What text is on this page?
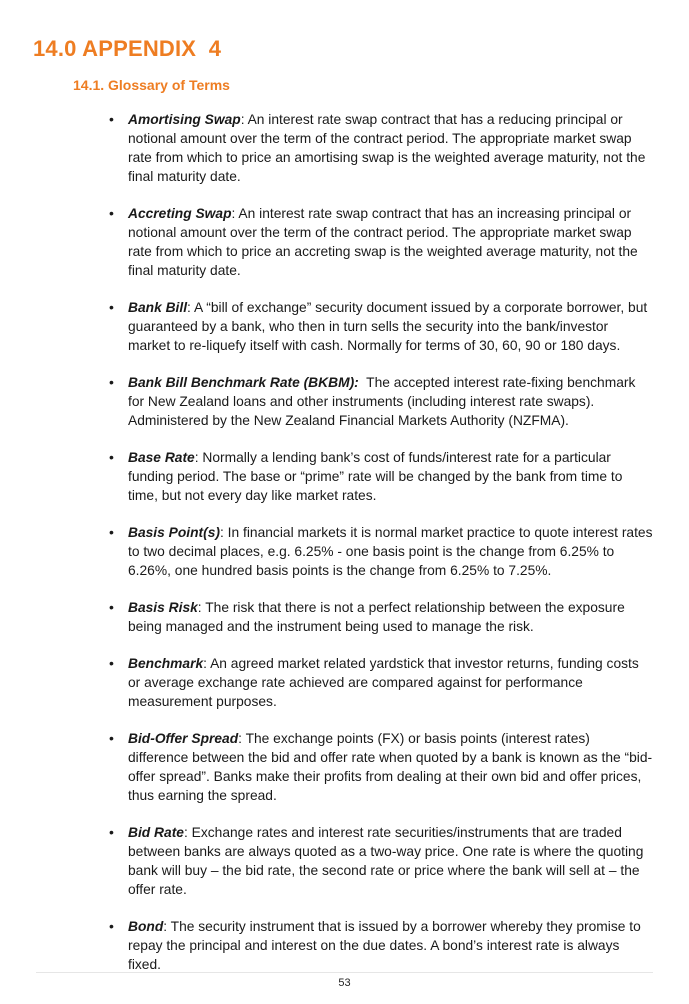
14.0 APPENDIX  4
14.1. Glossary of Terms
• Amortising Swap: An interest rate swap contract that has a reducing principal or notional amount over the term of the contract period. The appropriate market swap rate from which to price an amortising swap is the weighted average maturity, not the final maturity date.
• Accreting Swap: An interest rate swap contract that has an increasing principal or notional amount over the term of the contract period. The appropriate market swap rate from which to price an accreting swap is the weighted average maturity, not the final maturity date.
• Bank Bill: A “bill of exchange” security document issued by a corporate borrower, but guaranteed by a bank, who then in turn sells the security into the bank/investor market to re-liquefy itself with cash. Normally for terms of 30, 60, 90 or 180 days.
• Bank Bill Benchmark Rate (BKBM):  The accepted interest rate-fixing benchmark for New Zealand loans and other instruments (including interest rate swaps). Administered by the New Zealand Financial Markets Authority (NZFMA).
• Base Rate: Normally a lending bank’s cost of funds/interest rate for a particular funding period. The base or “prime” rate will be changed by the bank from time to time, but not every day like market rates.
• Basis Point(s): In financial markets it is normal market practice to quote interest rates to two decimal places, e.g. 6.25% - one basis point is the change from 6.25% to 6.26%, one hundred basis points is the change from 6.25% to 7.25%.
• Basis Risk: The risk that there is not a perfect relationship between the exposure being managed and the instrument being used to manage the risk.
• Benchmark: An agreed market related yardstick that investor returns, funding costs or average exchange rate achieved are compared against for performance measurement purposes.
• Bid-Offer Spread: The exchange points (FX) or basis points (interest rates) difference between the bid and offer rate when quoted by a bank is known as the “bid-offer spread”. Banks make their profits from dealing at their own bid and offer prices, thus earning the spread.
• Bid Rate: Exchange rates and interest rate securities/instruments that are traded between banks are always quoted as a two-way price. One rate is where the quoting bank will buy – the bid rate, the second rate or price where the bank will sell at – the offer rate.
• Bond: The security instrument that is issued by a borrower whereby they promise to repay the principal and interest on the due dates. A bond’s interest rate is always fixed.
53
